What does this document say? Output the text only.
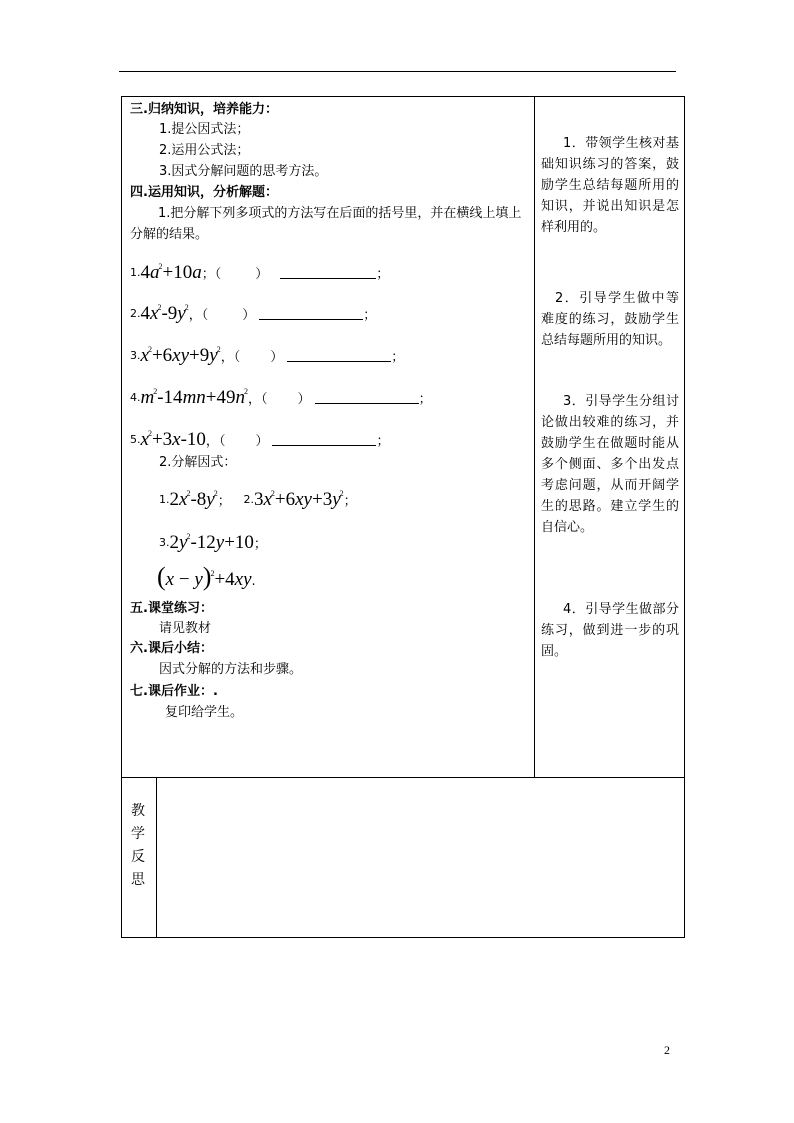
三.归纳知识，培养能力：
1.提公因式法；
2.运用公式法；
3.因式分解问题的思考方法。
四.运用知识，分析解题：
1.把分解下列多项式的方法写在后面的括号里，并在横线上填上分解的结果。
$1.4a^2+10a$；（	）	；
$2.4x^2-9y^2$，（	）	；
$3.x^2+6xy+9y^2$，（ ）	；
$4.m^2-14mn+49n^2$，（ ）	；
$5.x^2+3x-10$，（ ）	；
2.分解因式：
$1.2x^2-8y^2$； $2.3x^2+6xy+3y^2$；
$3.2y^2-12y+10$；
$(x - y)^2+4xy$.
五.课堂练习：
请见教材
六.课后小结：
因式分解的方法和步骤。
七.课后作业：.
复印给学生。
1．带领学生核对基础知识练习的答案，鼓励学生总结每题所用的知识，并说出知识是怎样利用的。
2．引导学生做中等难度的练习，鼓励学生总结每题所用的知识。
3．引导学生分组讨论做出较难的练习，并鼓励学生在做题时能从多个侧面、多个出发点考虑问题，从而开阔学生的思路。建立学生的自信心。
4．引导学生做部分练习，做到进一步的巩固。
教
学
反
思
2
